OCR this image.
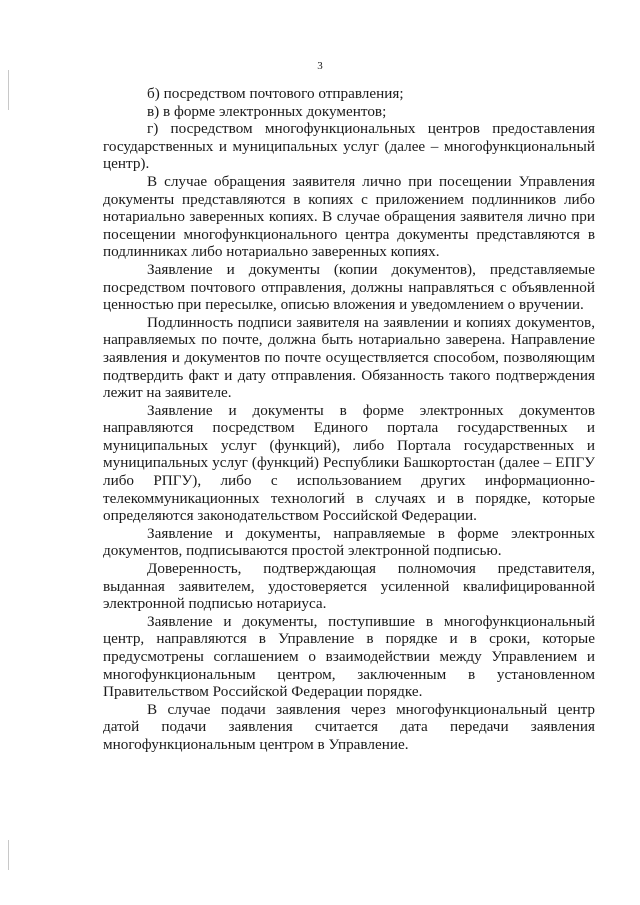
3

б) посредством почтового отправления;

в) в форме электронных документов;

г) посредством многофункциональных центров предоставления государственных и муниципальных услуг (далее – многофункциональный центр).

В случае обращения заявителя лично при посещении Управления документы представляются в копиях с приложением подлинников либо нотариально заверенных копиях. В случае обращения заявителя лично при посещении многофункционального центра документы представляются в подлинниках либо нотариально заверенных копиях.

Заявление и документы (копии документов), представляемые посредством почтового отправления, должны направляться с объявленной ценностью при пересылке, описью вложения и уведомлением о вручении.

Подлинность подписи заявителя на заявлении и копиях документов, направляемых по почте, должна быть нотариально заверена. Направление заявления и документов по почте осуществляется способом, позволяющим подтвердить факт и дату отправления. Обязанность такого подтверждения лежит на заявителе.

Заявление и документы в форме электронных документов направляются посредством Единого портала государственных и муниципальных услуг (функций), либо Портала государственных и муниципальных услуг (функций) Республики Башкортостан (далее – ЕПГУ либо РПГУ), либо с использованием других информационно-телекоммуникационных технологий в случаях и в порядке, которые определяются законодательством Российской Федерации.

Заявление и документы, направляемые в форме электронных документов, подписываются простой электронной подписью.

Доверенность, подтверждающая полномочия представителя, выданная заявителем, удостоверяется усиленной квалифицированной электронной подписью нотариуса.

Заявление и документы, поступившие в многофункциональный центр, направляются в Управление в порядке и в сроки, которые предусмотрены соглашением о взаимодействии между Управлением и многофункциональным центром, заключенным в установленном Правительством Российской Федерации порядке.

В случае подачи заявления через многофункциональный центр датой подачи заявления считается дата передачи заявления многофункциональным центром в Управление.
